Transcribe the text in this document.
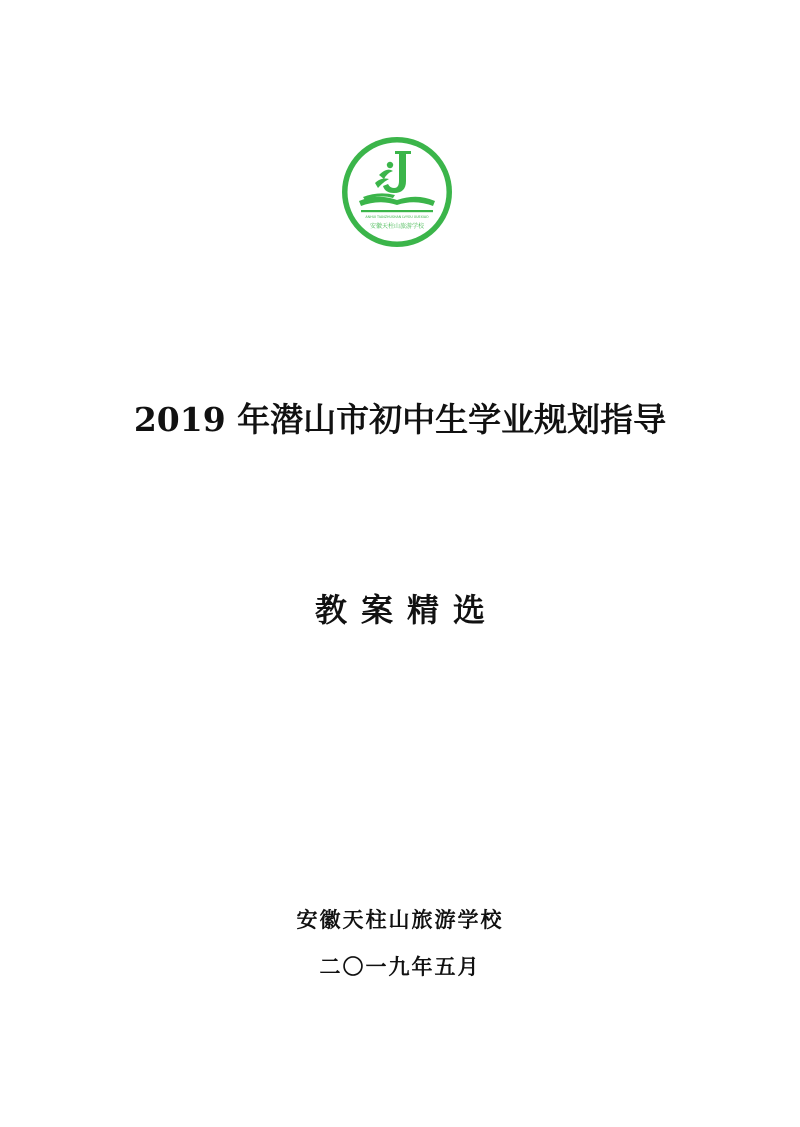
ANHUI TIANZHUSHAN LVYOU XUEXIAO
安徽天柱山旅游学校
2019 年潜山市初中生学业规划指导
教案精选
安徽天柱山旅游学校
二〇一九年五月
